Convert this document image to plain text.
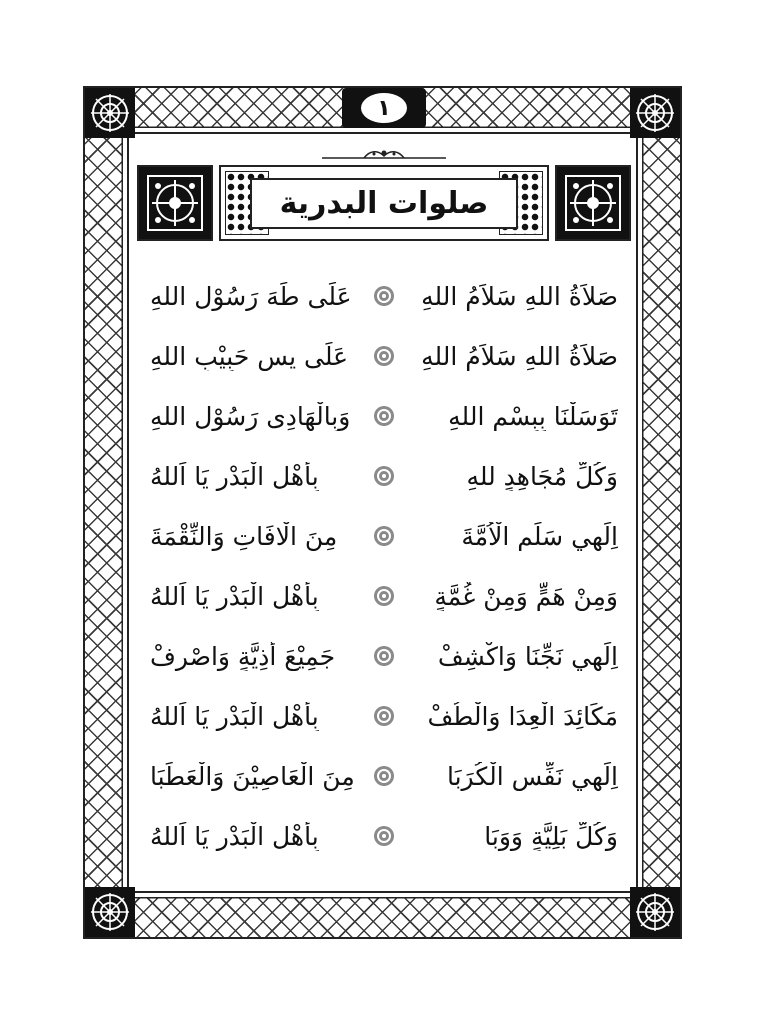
١
صلوات البدرية
صَلاَةُ اللهِ سَلاَمُ اللهِ
عَلَى طَهَ رَسُوْلِ اللهِ
صَلاَةُ اللهِ سَلاَمُ اللهِ
عَلَى يس حَبِيْبِ اللهِ
تَوَسَلْنَا بِبِسْمِ اللهِ
وَبِالْهَادِى رَسُوْلِ اللهِ
وَكُلِّ مُجَاهِدٍ للهِ
بِأَهْلِ الْبَدْرِ يَا اَللهُ
اِلَهِي سَلِّمِ الْاُمَّةَ
مِنَ الْافَاتِ وَالنِّقْمَةَ
وَمِنْ هَمٍّ وَمِنْ غُمَّةٍ
بِأَهْلِ الْبَدْرِ يَا اَللهُ
اِلَهِي نَجِّنَا وَاكْشِفْ
جَمِيْعَ أَذِيَّةٍ وَاصْرِفْ
مَكَائِدَ الْعِدَا وَالْطُفْ
بِأَهْلِ الْبَدْرِ يَا اَللهُ
اِلَهِي نَفِّسِ الْكُرَبَا
مِنَ الْعَاصِيْنَ وَالْعَطَبَا
وَكُلِّ بَلِيَّةٍ وَوَبَا
بِأَهْلِ الْبَدْرِ يَا اَللهُ
